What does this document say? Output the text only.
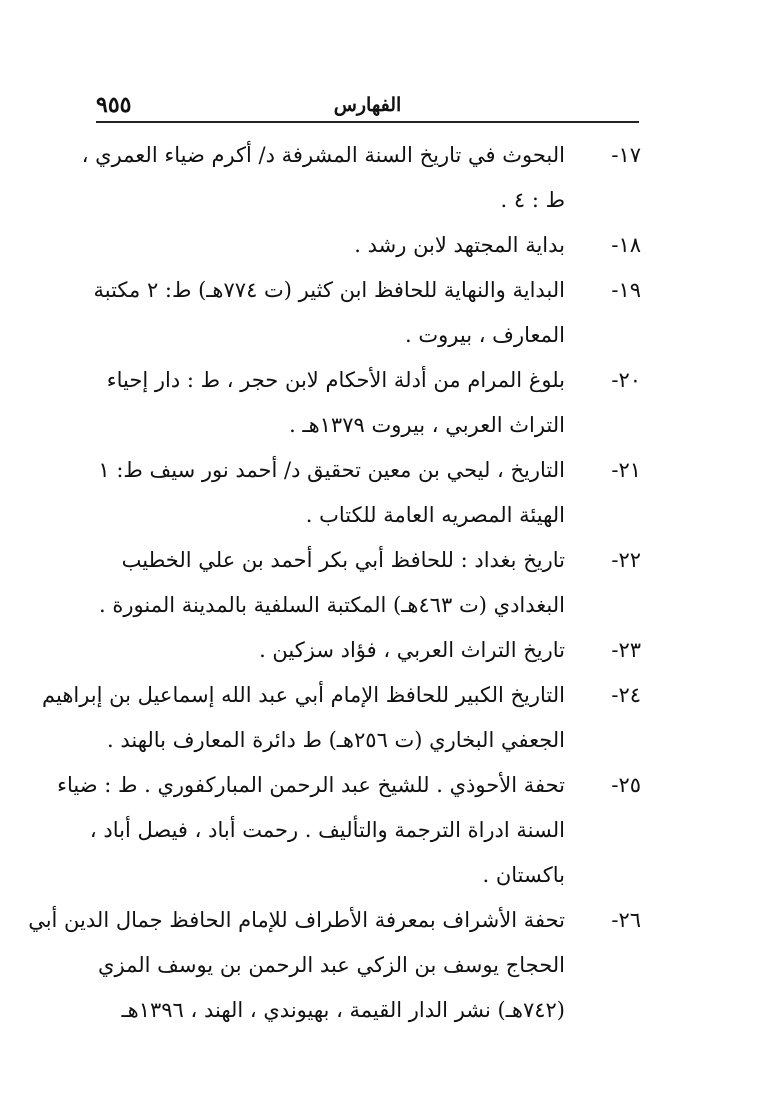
٩٥٥	الفهارس
١٧-
البحوث في تاريخ السنة المشرفة د/ أكرم ضياء العمري ،
ط : ٤ .
١٨-
بداية المجتهد لابن رشد .
١٩-
البداية والنهاية للحافظ ابن كثير (ت ٧٧٤هـ) ط: ٢ مكتبة
المعارف ، بيروت .
٢٠-
بلوغ المرام من أدلة الأحكام لابن حجر ، ط : دار إحياء
التراث العربي ، بيروت ١٣٧٩هـ .
٢١-
التاريخ ، ليحي بن معين تحقيق د/ أحمد نور سيف ط: ١
الهيئة المصريه العامة للكتاب .
٢٢-
تاريخ بغداد : للحافظ أبي بكر أحمد بن علي الخطيب
البغدادي (ت ٤٦٣هـ) المكتبة السلفية بالمدينة المنورة .
٢٣-
تاريخ التراث العربي ، فؤاد سزكين .
٢٤-
التاريخ الكبير للحافظ الإمام أبي عبد الله إسماعيل بن إبراهيم
الجعفي البخاري (ت ٢٥٦هـ) ط دائرة المعارف بالهند .
٢٥-
تحفة الأحوذي . للشيخ عبد الرحمن المباركفوري . ط : ضياء
السنة ادراة الترجمة والتأليف . رحمت أباد ، فيصل أباد ،
باكستان .
٢٦-
تحفة الأشراف بمعرفة الأطراف للإمام الحافظ جمال الدين أبي
الحجاج يوسف بن الزكي عبد الرحمن بن يوسف المزي
(٧٤٢هـ) نشر الدار القيمة ، بهيوندي ، الهند ، ١٣٩٦هـ
